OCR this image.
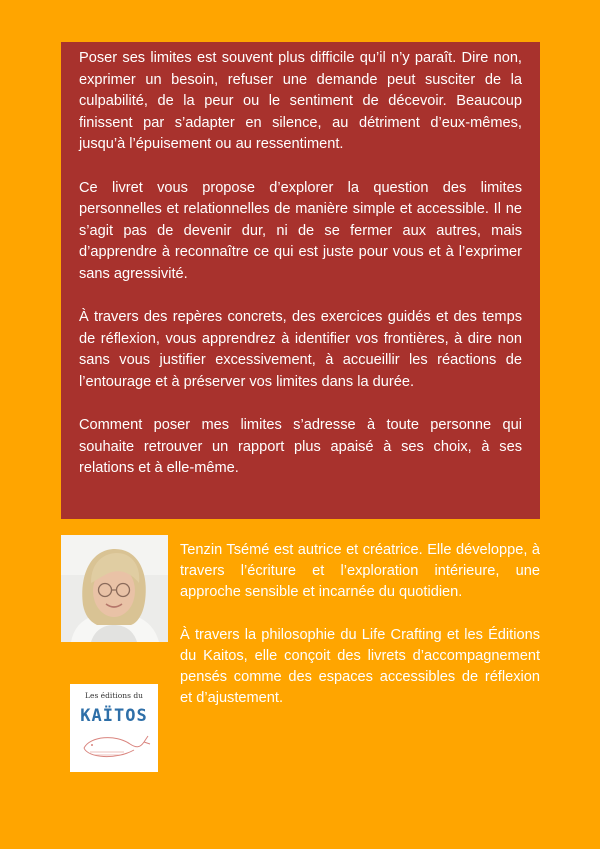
Poser ses limites est souvent plus difficile qu’il n’y paraît. Dire non, exprimer un besoin, refuser une demande peut susciter de la culpabilité, de la peur ou le sentiment de décevoir. Beaucoup finissent par s’adapter en silence, au détriment d’eux-mêmes, jusqu’à l’épuisement ou au ressentiment.

Ce livret vous propose d’explorer la question des limites personnelles et relationnelles de manière simple et accessible. Il ne s’agit pas de devenir dur, ni de se fermer aux autres, mais d’apprendre à reconnaître ce qui est juste pour vous et à l’exprimer sans agressivité.

À travers des repères concrets, des exercices guidés et des temps de réflexion, vous apprendrez à identifier vos frontières, à dire non sans vous justifier excessivement, à accueillir les réactions de l’entourage et à préserver vos limites dans la durée.

Comment poser mes limites s’adresse à toute personne qui souhaite retrouver un rapport plus apaisé à ses choix, à ses relations et à elle-même.

Les éditions du
KAÏTOS

Tenzin Tsémé est autrice et créatrice. Elle développe, à travers l’écriture et l’exploration intérieure, une approche sensible et incarnée du quotidien.

À travers la philosophie du Life Crafting et les Éditions du Kaitos, elle conçoit des livrets d’accompagnement pensés comme des espaces accessibles de réflexion et d’ajustement.
